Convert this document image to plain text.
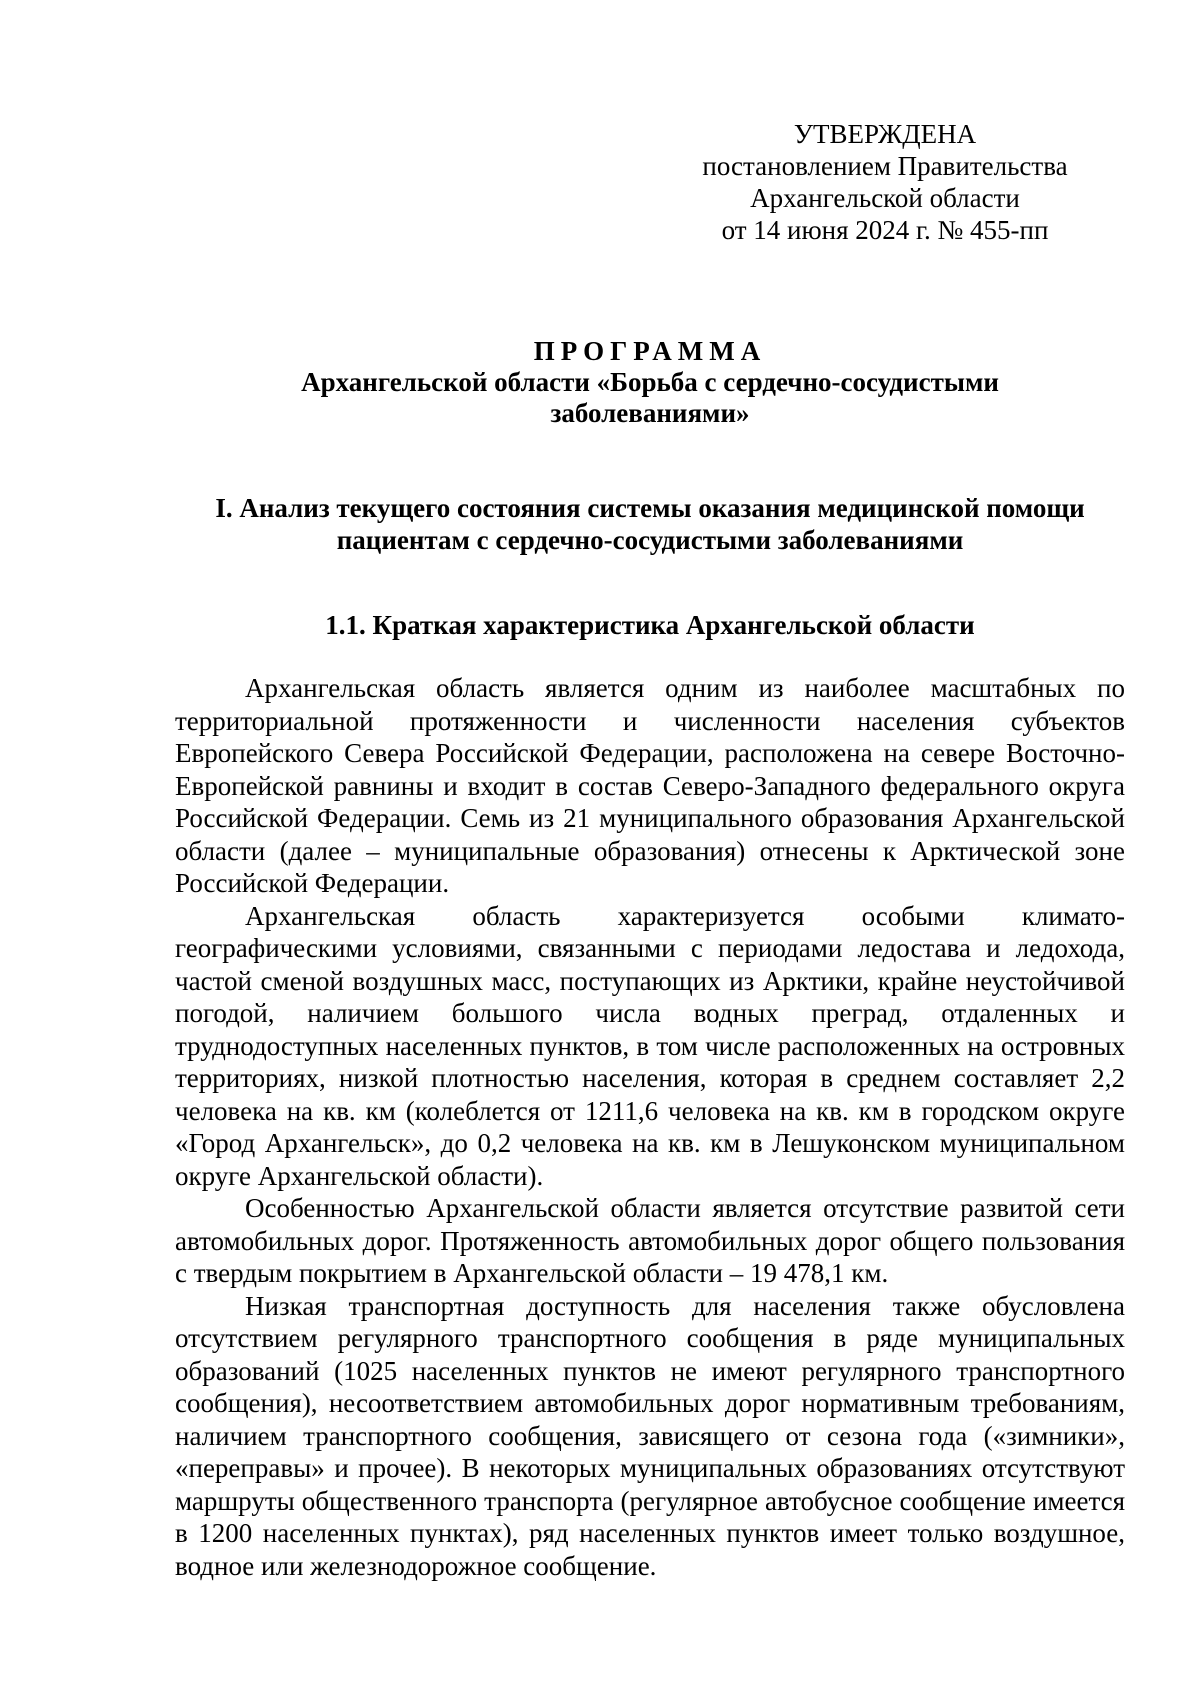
УТВЕРЖДЕНА
постановлением Правительства
Архангельской области
от 14 июня 2024 г. № 455-пп
ПРОГРАММА
Архангельской области «Борьба с сердечно-сосудистыми
заболеваниями»
I. Анализ текущего состояния системы оказания медицинской помощи
пациентам с сердечно-сосудистыми заболеваниями
1.1. Краткая характеристика Архангельской области

Архангельская область является одним из наиболее масштабных по территориальной протяженности и численности населения субъектов Европейского Севера Российской Федерации, расположена на севере Восточно-Европейской равнины и входит в состав Северо-Западного федерального округа Российской Федерации. Семь из 21 муниципального образования Архангельской области (далее – муниципальные образования) отнесены к Арктической зоне Российской Федерации.

Архангельская область характеризуется особыми климато-географическими условиями, связанными с периодами ледостава и ледохода, частой сменой воздушных масс, поступающих из Арктики, крайне неустойчивой погодой, наличием большого числа водных преград, отдаленных и труднодоступных населенных пунктов, в том числе расположенных на островных территориях, низкой плотностью населения, которая в среднем составляет 2,2 человека на кв. км (колеблется от 1211,6 человека на кв. км в городском округе «Город Архангельск», до 0,2 человека на кв. км в Лешуконском муниципальном округе Архангельской области).

Особенностью Архангельской области является отсутствие развитой сети автомобильных дорог. Протяженность автомобильных дорог общего пользования с твердым покрытием в Архангельской области – 19 478,1 км.

Низкая транспортная доступность для населения также обусловлена отсутствием регулярного транспортного сообщения в ряде муниципальных образований (1025 населенных пунктов не имеют регулярного транспортного сообщения), несоответствием автомобильных дорог нормативным требованиям, наличием транспортного сообщения, зависящего от сезона года («зимники», «переправы» и прочее). В некоторых муниципальных образованиях отсутствуют маршруты общественного транспорта (регулярное автобусное сообщение имеется в 1200 населенных пунктах), ряд населенных пунктов имеет только воздушное, водное или железнодорожное сообщение.
